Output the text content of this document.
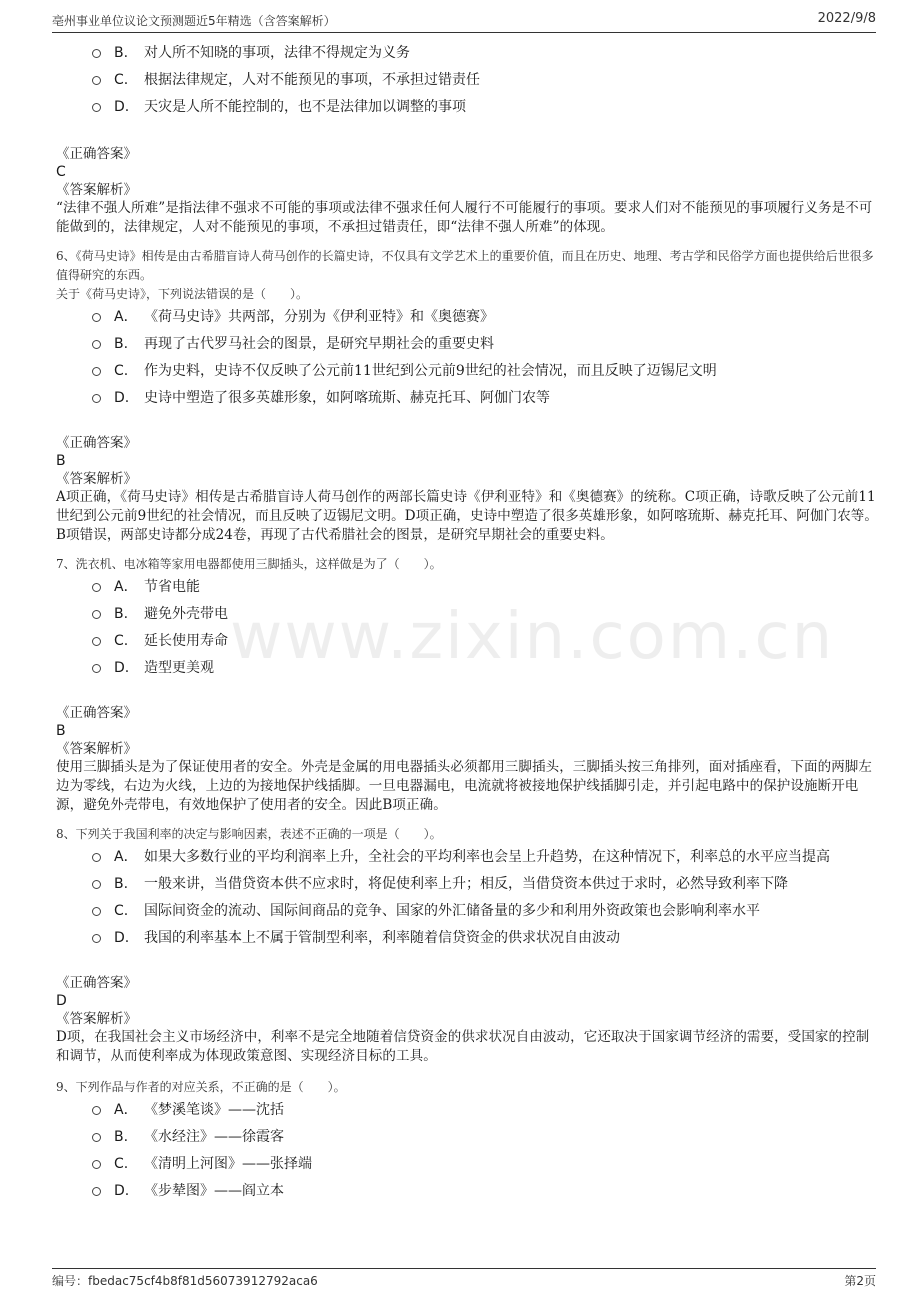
亳州事业单位议论文预测题近5年精选（含答案解析）	2022/9/8
www.zixin.com.cn
B. 对人所不知晓的事项，法律不得规定为义务
C. 根据法律规定，人对不能预见的事项，不承担过错责任
D. 天灾是人所不能控制的，也不是法律加以调整的事项
《正确答案》
C
《答案解析》
“法律不强人所难”是指法律不强求不可能的事项或法律不强求任何人履行不可能履行的事项。要求人们对不能预见的事项履行义务是不可能做到的，法律规定，人对不能预见的事项，不承担过错责任，即“法律不强人所难”的体现。
6、《荷马史诗》相传是由古希腊盲诗人荷马创作的长篇史诗，不仅具有文学艺术上的重要价值，而且在历史、地理、考古学和民俗学方面也提供给后世很多值得研究的东西。
关于《荷马史诗》，下列说法错误的是（　　）。
A． 《荷马史诗》共两部，分别为《伊利亚特》和《奥德赛》
B. 再现了古代罗马社会的图景，是研究早期社会的重要史料
C. 作为史料，史诗不仅反映了公元前11世纪到公元前9世纪的社会情况，而且反映了迈锡尼文明
D. 史诗中塑造了很多英雄形象，如阿喀琉斯、赫克托耳、阿伽门农等
《正确答案》
B
《答案解析》
A项正确，《荷马史诗》相传是古希腊盲诗人荷马创作的两部长篇史诗《伊利亚特》和《奥德赛》的统称。C项正确，诗歌反映了公元前11世纪到公元前9世纪的社会情况，而且反映了迈锡尼文明。D项正确，史诗中塑造了很多英雄形象，如阿喀琉斯、赫克托耳、阿伽门农等。B项错误，两部史诗都分成24卷，再现了古代希腊社会的图景，是研究早期社会的重要史料。
7、洗衣机、电冰箱等家用电器都使用三脚插头，这样做是为了（　　）。
A． 节省电能
B. 避免外壳带电
C. 延长使用寿命
D. 造型更美观
《正确答案》
B
《答案解析》
使用三脚插头是为了保证使用者的安全。外壳是金属的用电器插头必须都用三脚插头，三脚插头按三角排列，面对插座看，下面的两脚左边为零线，右边为火线，上边的为接地保护线插脚。一旦电器漏电，电流就将被接地保护线插脚引走，并引起电路中的保护设施断开电源，避免外壳带电，有效地保护了使用者的安全。因此B项正确。
8、下列关于我国利率的决定与影响因素，表述不正确的一项是（　　）。
A． 如果大多数行业的平均利润率上升，全社会的平均利率也会呈上升趋势，在这种情况下，利率总的水平应当提高
B. 一般来讲，当借贷资本供不应求时，将促使利率上升；相反，当借贷资本供过于求时，必然导致利率下降
C. 国际间资金的流动、国际间商品的竞争、国家的外汇储备量的多少和利用外资政策也会影响利率水平
D. 我国的利率基本上不属于管制型利率，利率随着信贷资金的供求状况自由波动
《正确答案》
D
《答案解析》
D项，在我国社会主义市场经济中，利率不是完全地随着信贷资金的供求状况自由波动，它还取决于国家调节经济的需要，受国家的控制和调节，从而使利率成为体现政策意图、实现经济目标的工具。
9、下列作品与作者的对应关系，不正确的是（　　）。
A． 《梦溪笔谈》——沈括
B. 《水经注》——徐霞客
C. 《清明上河图》——张择端
D. 《步辇图》——阎立本
编号：fbedac75cf4b8f81d56073912792aca6	第2页
